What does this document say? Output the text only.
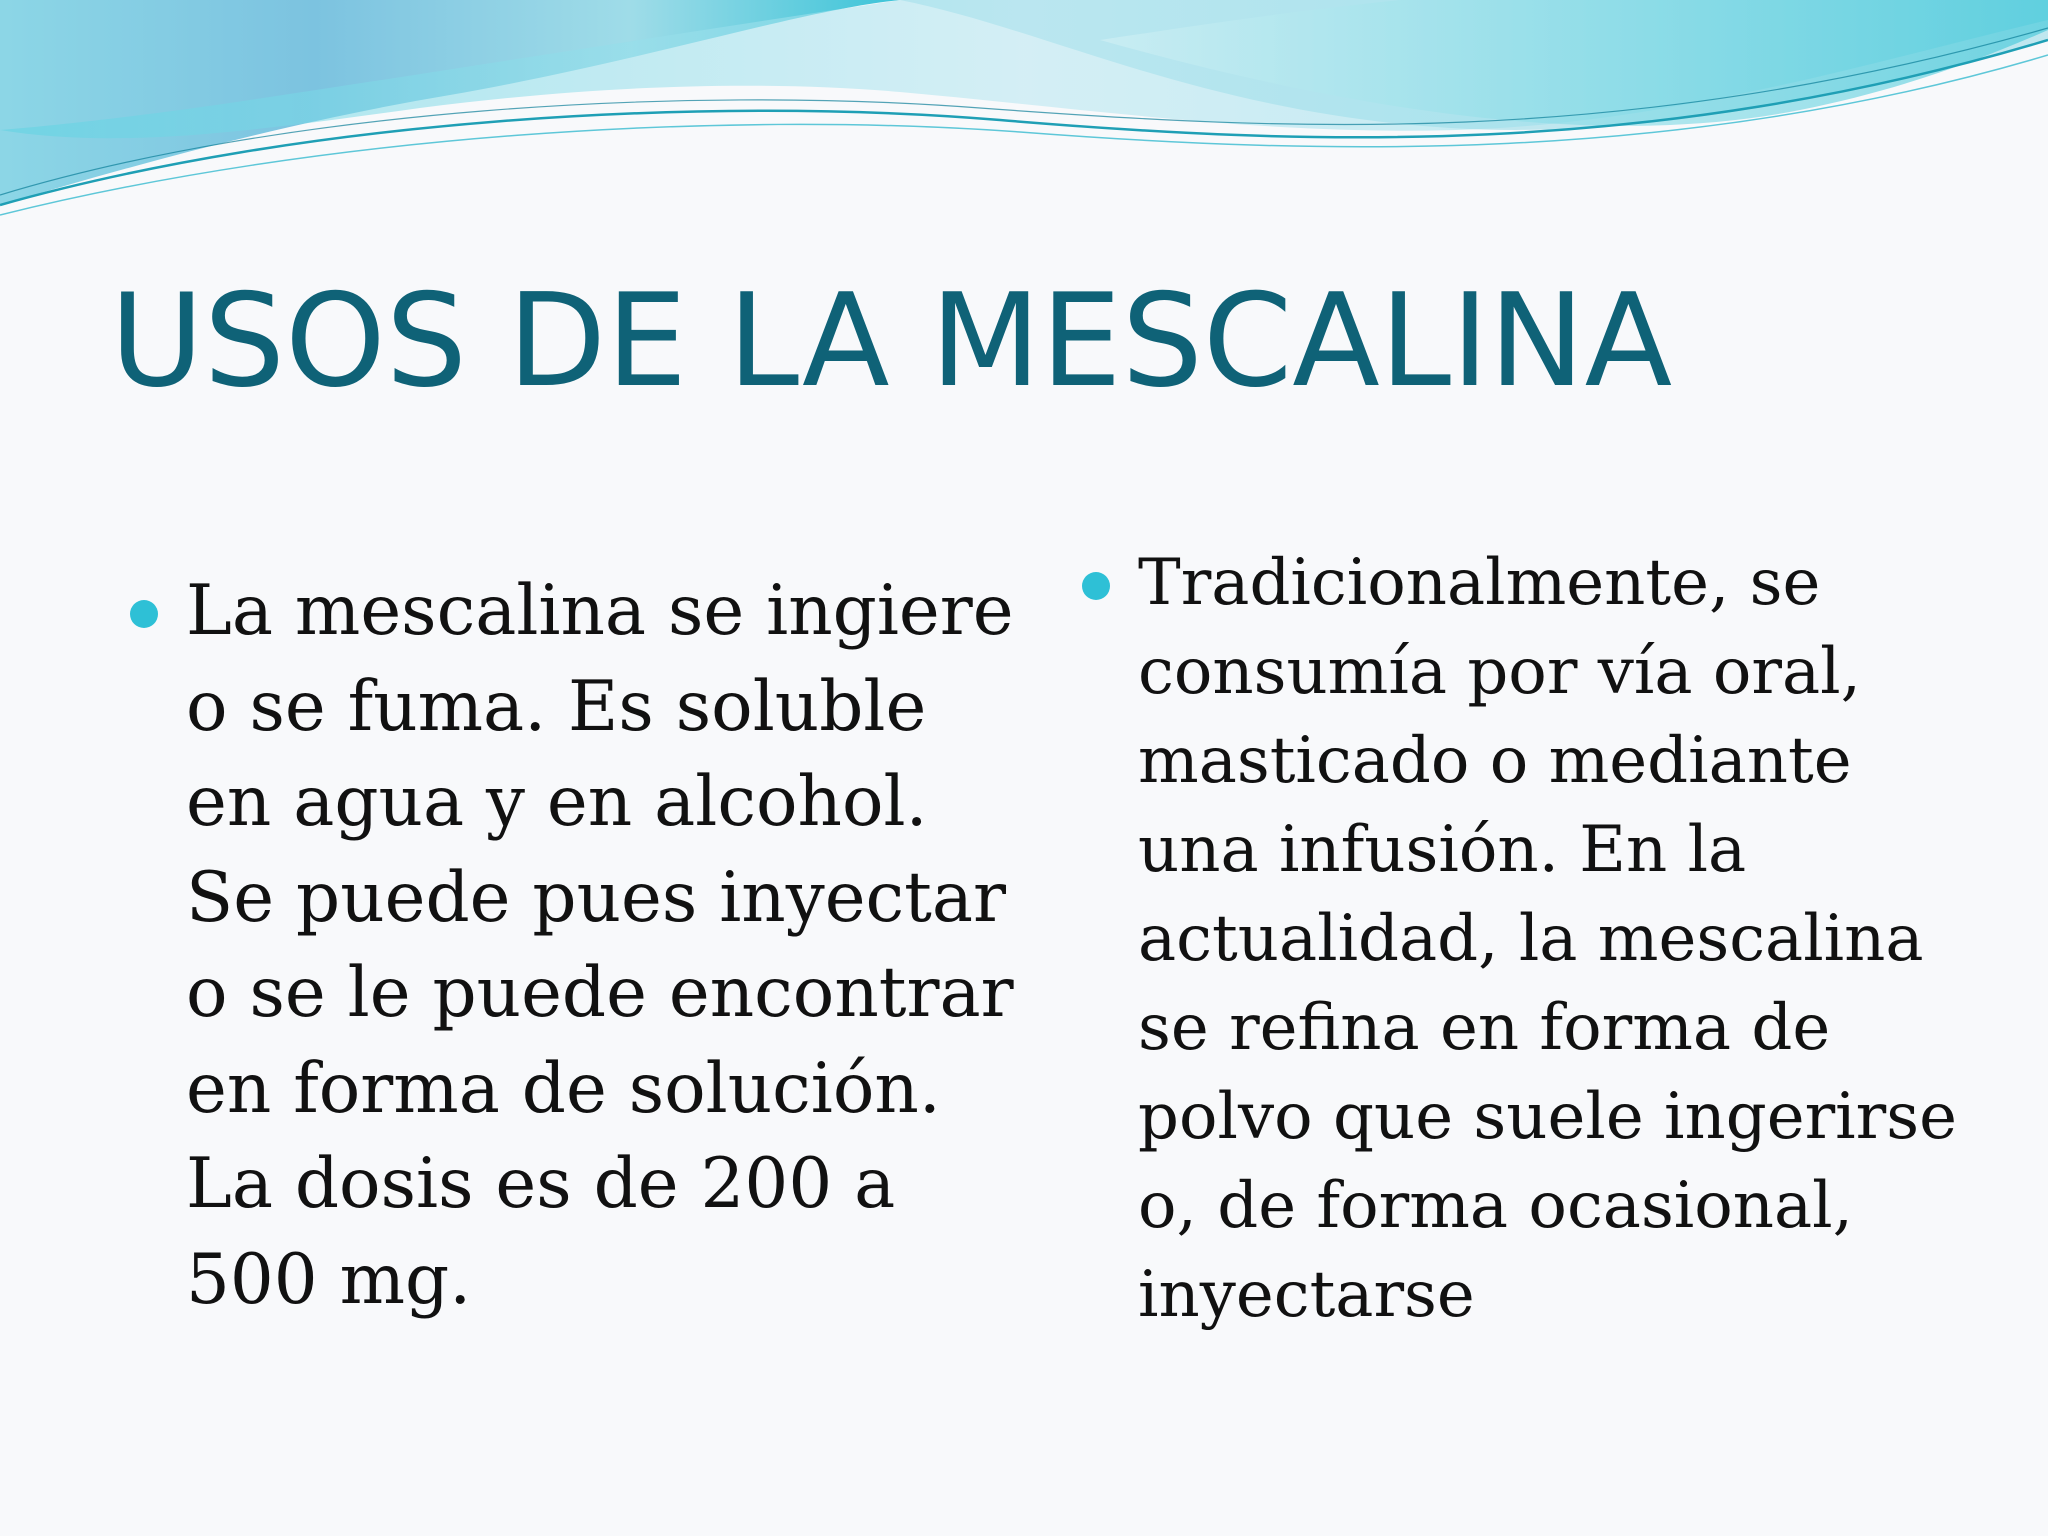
USOS DE LA MESCALINA

La mescalina se ingiere
o se fuma. Es soluble
en agua y en alcohol.
Se puede pues inyectar
o se le puede encontrar
en forma de solución.
La dosis es de 200 a
500 mg.

Tradicionalmente, se
consumía por vía oral,
masticado o mediante
una infusión. En la
actualidad, la mescalina
se refina en forma de
polvo que suele ingerirse
o, de forma ocasional,
inyectarse
